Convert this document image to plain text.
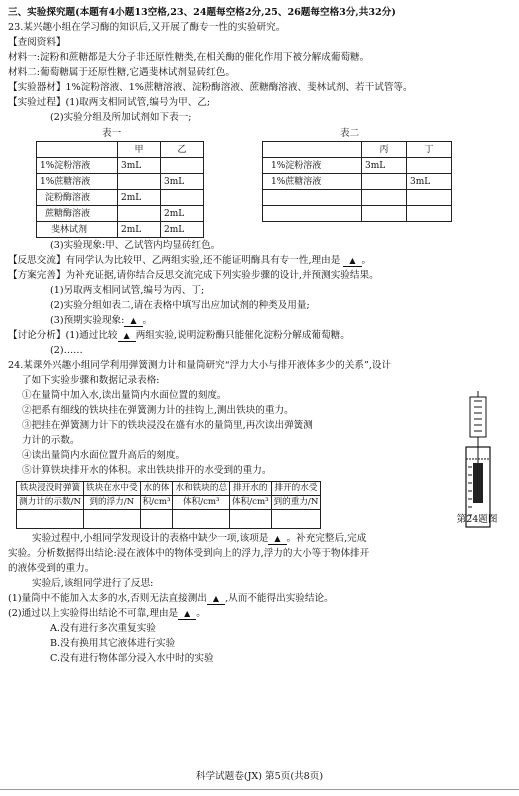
三、实验探究题(本题有4小题13空格,23、24题每空格2分,25、26题每空格3分,共32分)
23.某兴趣小组在学习酶的知识后,又开展了酶专一性的实验研究。
【查阅资料】
材料一:淀粉和蔗糖都是大分子非还原性糖类,在相关酶的催化作用下被分解成葡萄糖。
材料二:葡萄糖属于还原性糖,它遇斐林试剂显砖红色。
【实验器材】1%淀粉溶液、1%蔗糖溶液、淀粉酶溶液、蔗糖酶溶液、斐林试剂、若干试管等。
【实验过程】(1)取两支相同试管,编号为甲、乙;
(2)实验分组及所加试剂如下表一;
表一	表二
	甲	乙
1%淀粉溶液	3mL	
1%蔗糖溶液		3mL
淀粉酶溶液	2mL	
蔗糖酶溶液		2mL
斐林试剂	2mL	2mL
	丙	丁
1%淀粉溶液	3mL	
1%蔗糖溶液		3mL

(3)实验现象:甲、乙试管内均显砖红色。
【反思交流】有同学认为比较甲、乙两组实验,还不能证明酶具有专一性,理由是 ▲ 。
【方案完善】为补充证据,请你结合反思交流完成下列实验步骤的设计,并预测实验结果。
(1)另取两支相同试管,编号为丙、丁;
(2)实验分组如表二,请在表格中填写出应加试剂的种类及用量;
(3)预期实验现象: ▲ 。
【讨论分析】(1)通过比较 ▲ 两组实验,说明淀粉酶只能催化淀粉分解成葡萄糖。
(2)……
24.某课外兴趣小组同学利用弹簧测力计和量筒研究“浮力大小与排开液体多少的关系”,设计
了如下实验步骤和数据记录表格:
①在量筒中加入水,读出量筒内水面位置的刻度。
②把系有细线的铁块挂在弹簧测力计的挂钩上,测出铁块的重力。
③把挂在弹簧测力计下的铁块浸没在盛有水的量筒里,再次读出弹簧测
力计的示数。
④读出量筒内水面位置升高后的刻度。
⑤计算铁块排开水的体积。求出铁块排开的水受到的重力。
铁块浸没时弹簧	铁块在水中受	水的体	水和铁块的总	排开水的	排开的水受
测力计的示数/N	到的浮力/N	积/cm³	体积/cm³	体积/cm³	到的重力/N

第24题图
实验过程中,小组同学发现设计的表格中缺少一项,该项是 ▲ 。补充完整后,完成
实验。分析数据得出结论:浸在液体中的物体受到向上的浮力,浮力的大小等于物体排开
的液体受到的重力。
实验后,该组同学进行了反思:
(1)量筒中不能加入太多的水,否则无法直接测出 ▲ ,从而不能得出实验结论。
(2)通过以上实验得出结论不可靠,理由是 ▲ 。
A.没有进行多次重复实验
B.没有换用其它液体进行实验
C.没有进行物体部分浸入水中时的实验
科学试题卷(JX) 第5页(共8页)
